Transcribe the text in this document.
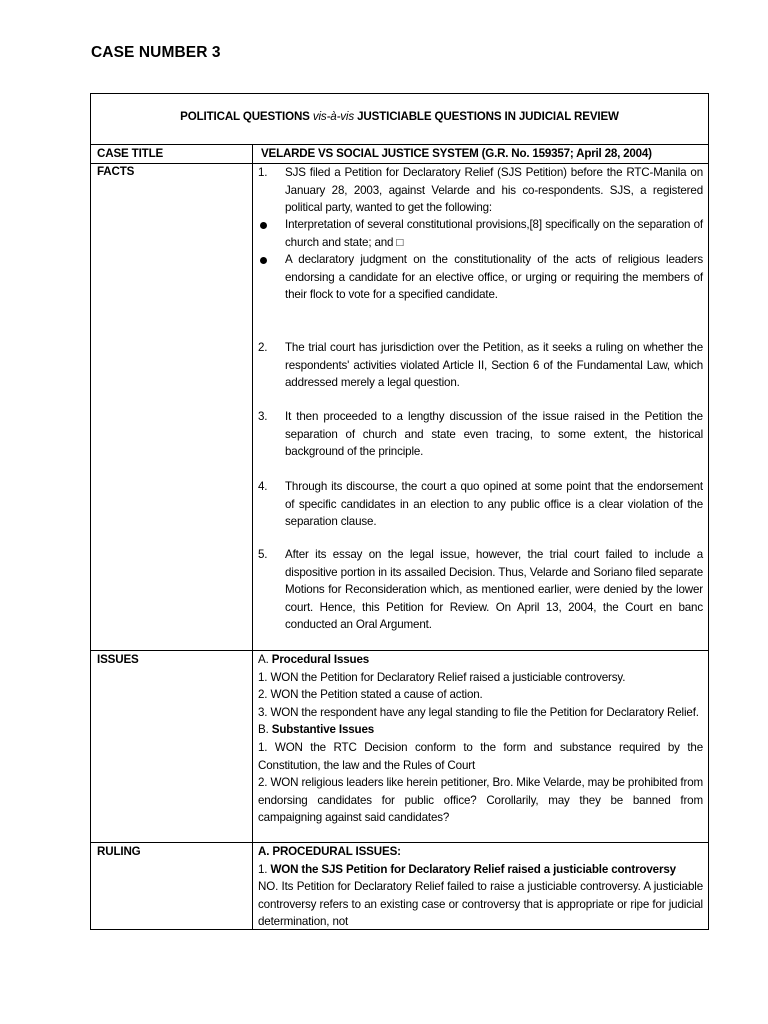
CASE NUMBER 3
POLITICAL QUESTIONS vis-à-vis JUSTICIABLE QUESTIONS IN JUDICIAL REVIEW
CASE TITLE	VELARDE VS SOCIAL JUSTICE SYSTEM (G.R. No. 159357; April 28, 2004)
FACTS	1. SJS filed a Petition for Declaratory Relief (SJS Petition) before the RTC-Manila on January 28, 2003, against Velarde and his co-respondents. SJS, a registered political party, wanted to get the following:
Interpretation of several constitutional provisions,[8] specifically on the separation of church and state; and □
A declaratory judgment on the constitutionality of the acts of religious leaders endorsing a candidate for an elective office, or urging or requiring the members of their flock to vote for a specified candidate.
2. The trial court has jurisdiction over the Petition, as it seeks a ruling on whether the respondents' activities violated Article II, Section 6 of the Fundamental Law, which addressed merely a legal question.
3. It then proceeded to a lengthy discussion of the issue raised in the Petition the separation of church and state even tracing, to some extent, the historical background of the principle.
4. Through its discourse, the court a quo opined at some point that the endorsement of specific candidates in an election to any public office is a clear violation of the separation clause.
5. After its essay on the legal issue, however, the trial court failed to include a dispositive portion in its assailed Decision. Thus, Velarde and Soriano filed separate Motions for Reconsideration which, as mentioned earlier, were denied by the lower court. Hence, this Petition for Review. On April 13, 2004, the Court en banc conducted an Oral Argument.
ISSUES	A. Procedural Issues

1. WON the Petition for Declaratory Relief raised a justiciable controversy.

2. WON the Petition stated a cause of action.

3. WON the respondent have any legal standing to file the Petition for Declaratory Relief.

B. Substantive Issues

1. WON the RTC Decision conform to the form and substance required by the Constitution, the law and the Rules of Court

2. WON religious leaders like herein petitioner, Bro. Mike Velarde, may be prohibited from endorsing candidates for public office? Corollarily, may they be banned from campaigning against said candidates?

RULING	A. PROCEDURAL ISSUES:

1. WON the SJS Petition for Declaratory Relief raised a justiciable controversy

NO. Its Petition for Declaratory Relief failed to raise a justiciable controversy. A justiciable controversy refers to an existing case or controversy that is appropriate or ripe for judicial determination, not
